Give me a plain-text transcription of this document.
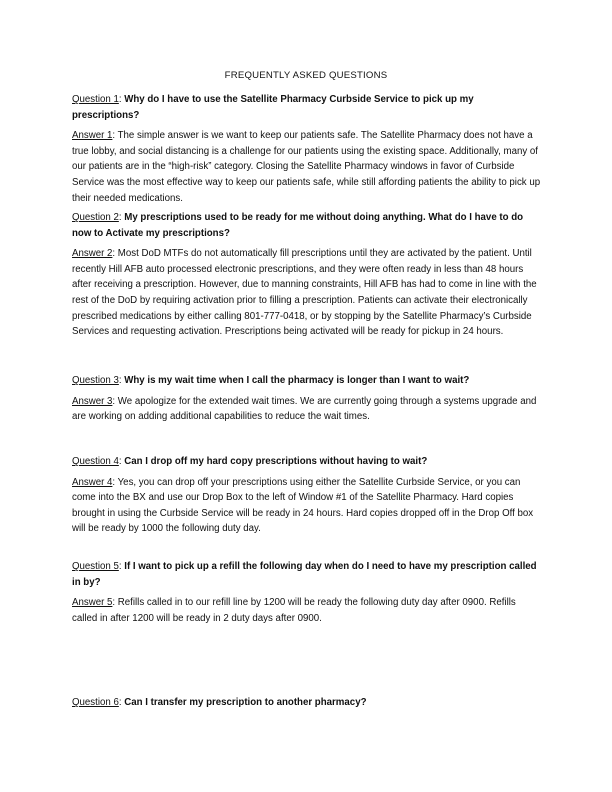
FREQUENTLY ASKED QUESTIONS

Question 1: Why do I have to use the Satellite Pharmacy Curbside Service to pick up my prescriptions?

Answer 1: The simple answer is we want to keep our patients safe. The Satellite Pharmacy does not have a true lobby, and social distancing is a challenge for our patients using the existing space. Additionally, many of our patients are in the “high-risk” category. Closing the Satellite Pharmacy windows in favor of Curbside Service was the most effective way to keep our patients safe, while still affording patients the ability to pick up their needed medications.

Question 2: My prescriptions used to be ready for me without doing anything. What do I have to do now to Activate my prescriptions?

Answer 2: Most DoD MTFs do not automatically fill prescriptions until they are activated by the patient. Until recently Hill AFB auto processed electronic prescriptions, and they were often ready in less than 48 hours after receiving a prescription. However, due to manning constraints, Hill AFB has had to come in line with the rest of the DoD by requiring activation prior to filling a prescription. Patients can activate their electronically prescribed medications by either calling 801-777-0418, or by stopping by the Satellite Pharmacy’s Curbside Services and requesting activation. Prescriptions being activated will be ready for pickup in 24 hours.

Question 3: Why is my wait time when I call the pharmacy is longer than I want to wait?

Answer 3: We apologize for the extended wait times. We are currently going through a systems upgrade and are working on adding additional capabilities to reduce the wait times.

Question 4: Can I drop off my hard copy prescriptions without having to wait?

Answer 4: Yes, you can drop off your prescriptions using either the Satellite Curbside Service, or you can come into the BX and use our Drop Box to the left of Window #1 of the Satellite Pharmacy. Hard copies brought in using the Curbside Service will be ready in 24 hours. Hard copies dropped off in the Drop Off box will be ready by 1000 the following duty day.

Question 5: If I want to pick up a refill the following day when do I need to have my prescription called in by?

Answer 5: Refills called in to our refill line by 1200 will be ready the following duty day after 0900. Refills called in after 1200 will be ready in 2 duty days after 0900.

Question 6: Can I transfer my prescription to another pharmacy?
